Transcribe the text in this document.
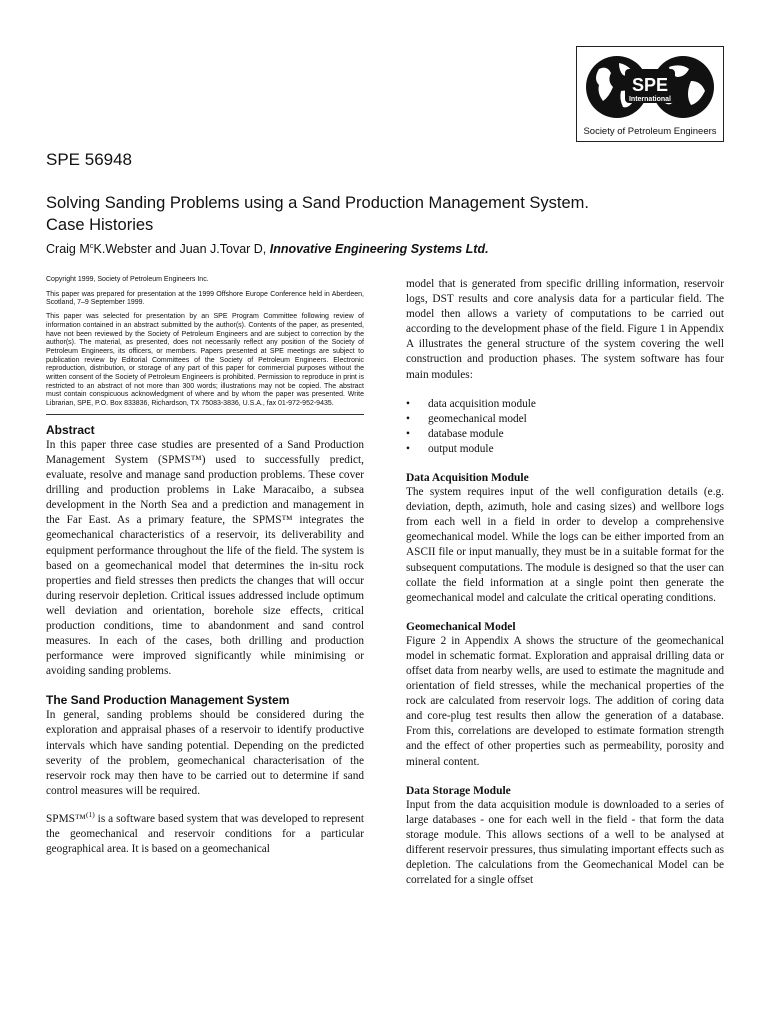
SPE
International
Society of Petroleum Engineers
SPE 56948
Solving Sanding Problems using a Sand Production Management System.
Case Histories
Craig $M^cK.Webster$ and Juan J.Tovar D, Innovative Engineering Systems Ltd.

Copyright 1999, Society of Petroleum Engineers Inc.

This paper was prepared for presentation at the 1999 Offshore Europe Conference held in Aberdeen, Scotland, 7–9 September 1999.

This paper was selected for presentation by an SPE Program Committee following review of information contained in an abstract submitted by the author(s). Contents of the paper, as presented, have not been reviewed by the Society of Petroleum Engineers and are subject to correction by the author(s). The material, as presented, does not necessarily reflect any position of the Society of Petroleum Engineers, its officers, or members. Papers presented at SPE meetings are subject to publication review by Editorial Committees of the Society of Petroleum Engineers. Electronic reproduction, distribution, or storage of any part of this paper for commercial purposes without the written consent of the Society of Petroleum Engineers is prohibited. Permission to reproduce in print is restricted to an abstract of not more than 300 words; illustrations may not be copied. The abstract must contain conspicuous acknowledgment of where and by whom the paper was presented. Write Librarian, SPE, P.O. Box 833836, Richardson, TX 75083-3836, U.S.A., fax 01-972-952-9435.

Abstract

In this paper three case studies are presented of a Sand Production Management System (SPMS™) used to successfully predict, evaluate, resolve and manage sand production problems. These cover drilling and production problems in Lake Maracaibo, a subsea development in the North Sea and a prediction and management in the Far East. As a primary feature, the SPMS™ integrates the geomechanical characteristics of a reservoir, its deliverability and equipment performance throughout the life of the field. The system is based on a geomechanical model that determines the in-situ rock properties and field stresses then predicts the changes that will occur during reservoir depletion. Critical issues addressed include optimum well deviation and orientation, borehole size effects, critical production conditions, time to abandonment and sand control measures. In each of the cases, both drilling and production performance were improved significantly while minimising or avoiding sanding problems.

The Sand Production Management System

In general, sanding problems should be considered during the exploration and appraisal phases of a reservoir to identify productive intervals which have sanding potential. Depending on the predicted severity of the problem, geomechanical characterisation of the reservoir rock may then have to be carried out to determine if sand control measures will be required.

SPMS™$^{(1)}$ is a software based system that was developed to represent the geomechanical and reservoir conditions for a particular geographical area. It is based on a geomechanical

model that is generated from specific drilling information, reservoir logs, DST results and core analysis data for a particular field. The model then allows a variety of computations to be carried out according to the development phase of the field. Figure 1 in Appendix A illustrates the general structure of the system covering the well construction and production phases. The system software has four main modules:

• data acquisition module
• geomechanical model
• database module
• output module
Data Acquisition Module

The system requires input of the well configuration details (e.g. deviation, depth, azimuth, hole and casing sizes) and wellbore logs from each well in a field in order to develop a comprehensive geomechanical model. While the logs can be either imported from an ASCII file or input manually, they must be in a suitable format for the subsequent computations. The module is designed so that the user can collate the field information at a single point then generate the geomechanical model and calculate the critical operating conditions.

Geomechanical Model

Figure 2 in Appendix A shows the structure of the geomechanical model in schematic format. Exploration and appraisal drilling data or offset data from nearby wells, are used to estimate the magnitude and orientation of field stresses, while the mechanical properties of the rock are calculated from reservoir logs. The addition of coring data and core-plug test results then allow the generation of a database. From this, correlations are developed to estimate formation strength and the effect of other properties such as permeability, porosity and mineral content.

Data Storage Module

Input from the data acquisition module is downloaded to a series of large databases - one for each well in the field - that form the data storage module. This allows sections of a well to be analysed at different reservoir pressures, thus simulating important effects such as depletion. The calculations from the Geomechanical Model can be correlated for a single offset
